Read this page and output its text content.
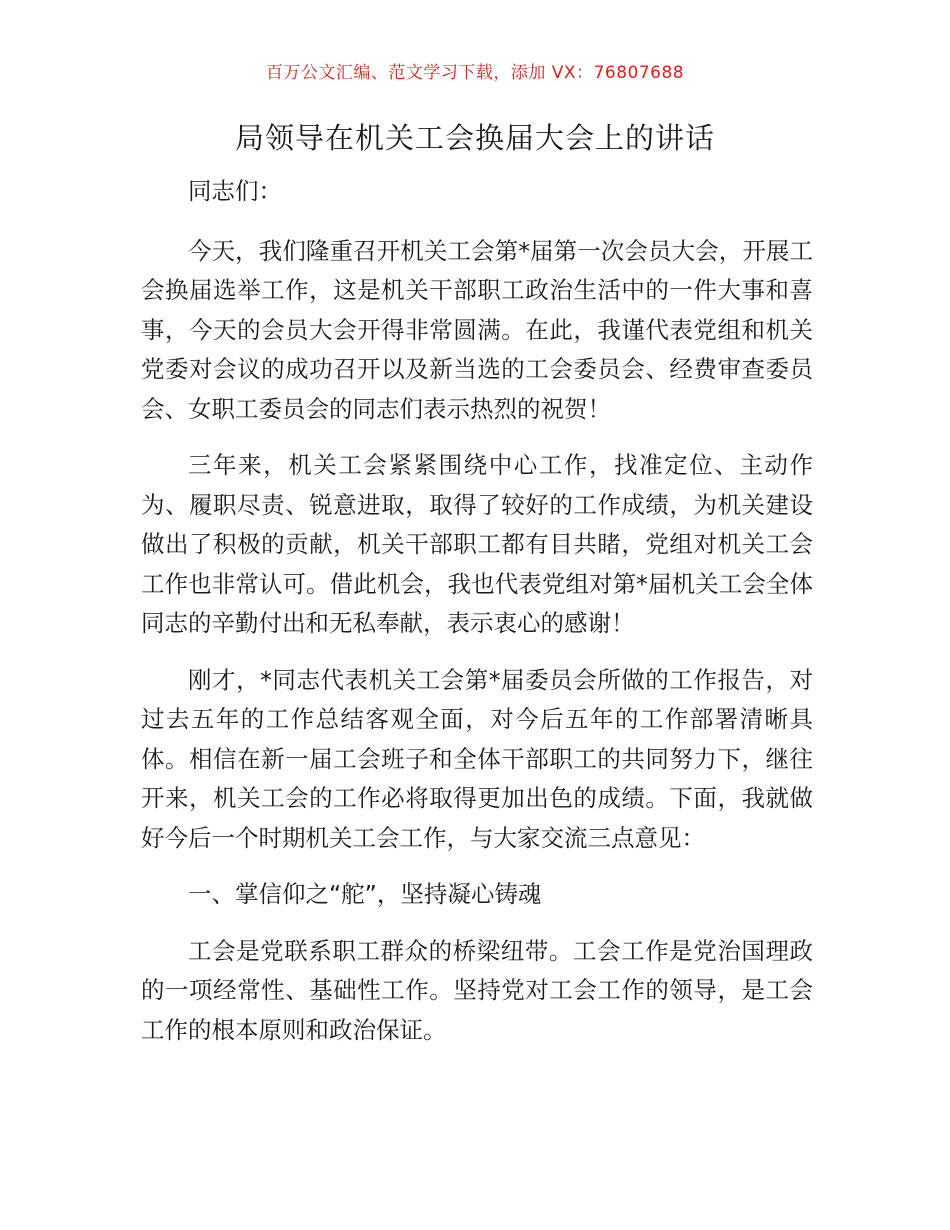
百万公文汇编、范文学习下载，添加 VX：76807688
局领导在机关工会换届大会上的讲话

同志们：

今天，我们隆重召开机关工会第*届第一次会员大会，开展工会换届选举工作，这是机关干部职工政治生活中的一件大事和喜事，今天的会员大会开得非常圆满。在此，我谨代表党组和机关党委对会议的成功召开以及新当选的工会委员会、经费审查委员会、女职工委员会的同志们表示热烈的祝贺！

三年来，机关工会紧紧围绕中心工作，找准定位、主动作为、履职尽责、锐意进取，取得了较好的工作成绩，为机关建设做出了积极的贡献，机关干部职工都有目共睹，党组对机关工会工作也非常认可。借此机会，我也代表党组对第*届机关工会全体同志的辛勤付出和无私奉献，表示衷心的感谢！

刚才，*同志代表机关工会第*届委员会所做的工作报告，对过去五年的工作总结客观全面，对今后五年的工作部署清晰具体。相信在新一届工会班子和全体干部职工的共同努力下，继往开来，机关工会的工作必将取得更加出色的成绩。下面，我就做好今后一个时期机关工会工作，与大家交流三点意见：

一、掌信仰之“舵”，坚持凝心铸魂

工会是党联系职工群众的桥梁纽带。工会工作是党治国理政的一项经常性、基础性工作。坚持党对工会工作的领导，是工会工作的根本原则和政治保证。
